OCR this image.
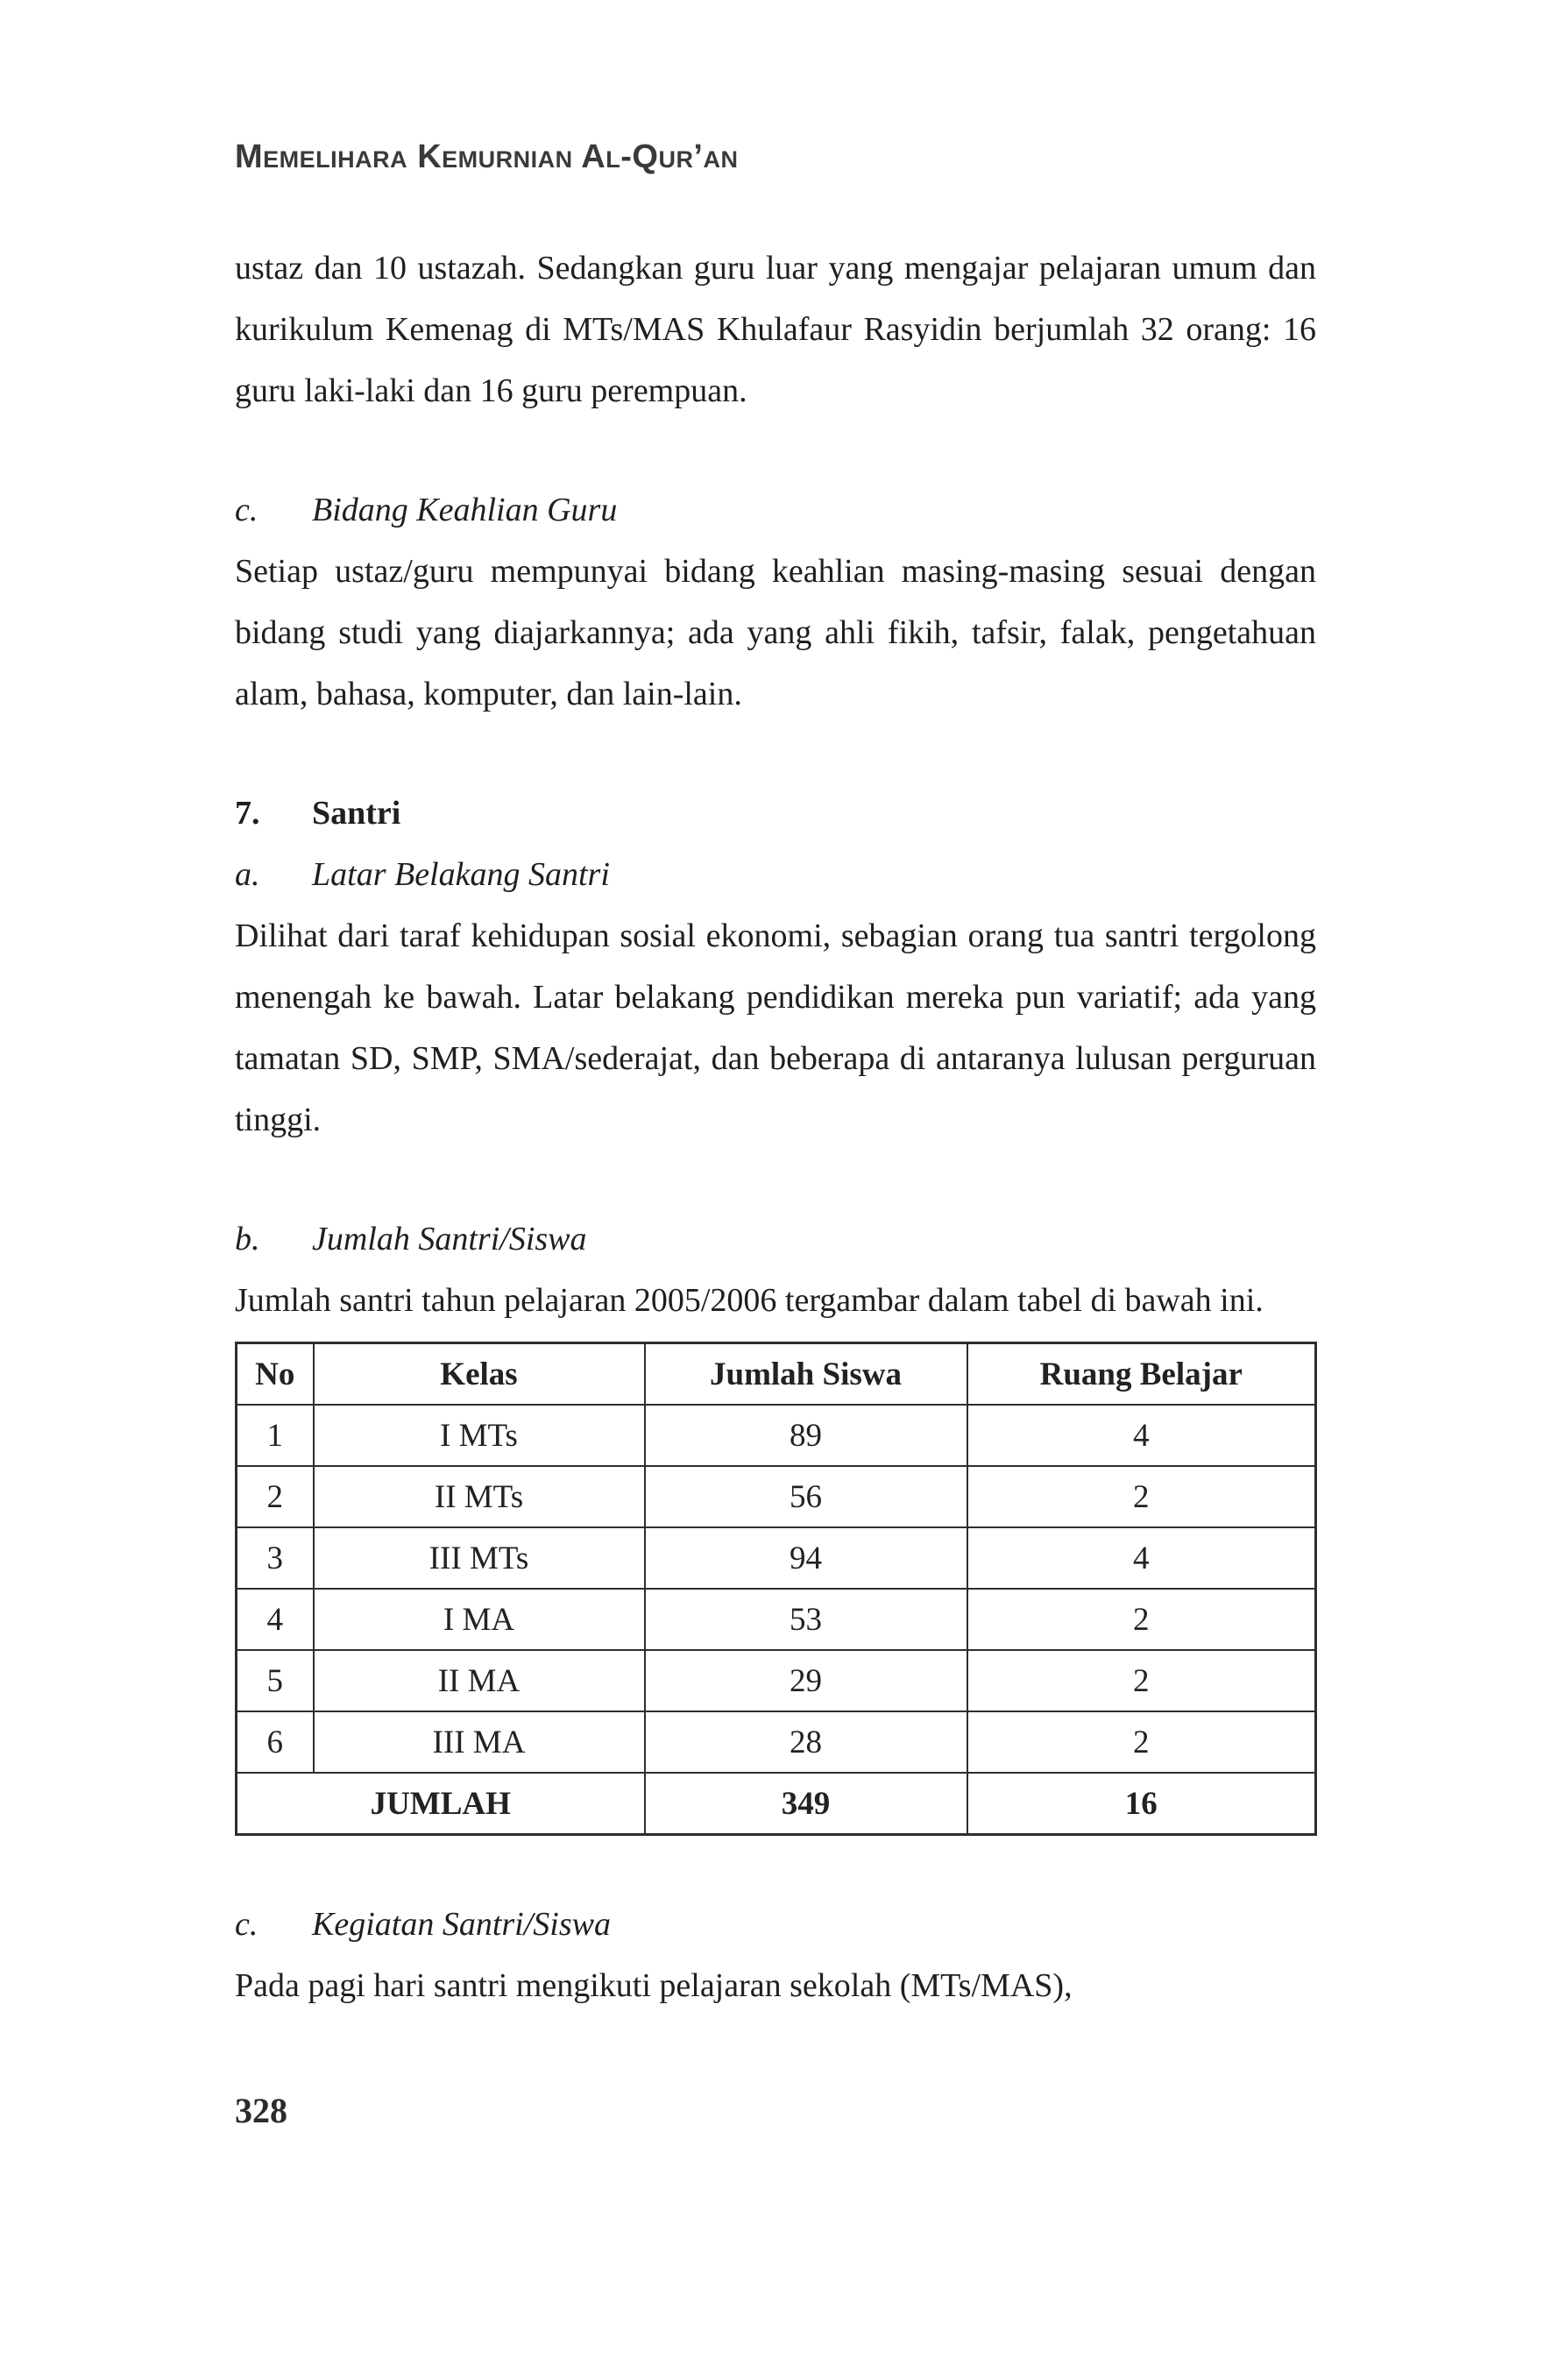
Memelihara Kemurnian Al-Qur’an

ustaz dan 10 ustazah. Sedangkan guru luar yang mengajar pelajaran umum dan kurikulum Kemenag di MTs/MAS Khulafaur Rasyidin berjumlah 32 orang: 16 guru laki-laki dan 16 guru perempuan.

c.	Bidang Keahlian Guru

Setiap ustaz/guru mempunyai bidang keahlian masing-masing sesuai dengan bidang studi yang diajarkannya; ada yang ahli fikih, tafsir, falak, pengetahuan alam, bahasa, komputer, dan lain-lain.

7.	Santri
a.	Latar Belakang Santri

Dilihat dari taraf kehidupan sosial ekonomi, sebagian orang tua santri tergolong menengah ke bawah. Latar belakang pendidikan mereka pun variatif; ada yang tamatan SD, SMP, SMA/sederajat, dan beberapa di antaranya lulusan perguruan tinggi.

b.	Jumlah Santri/Siswa

Jumlah santri tahun pelajaran 2005/2006 tergambar dalam tabel di bawah ini.

No	Kelas	Jumlah Siswa	Ruang Belajar
1	I MTs	89	4
2	II MTs	56	2
3	III MTs	94	4
4	I MA	53	2
5	II MA	29	2
6	III MA	28	2
JUMLAH		349	16
c.	Kegiatan Santri/Siswa

Pada pagi hari santri mengikuti pelajaran sekolah (MTs/MAS),

328
